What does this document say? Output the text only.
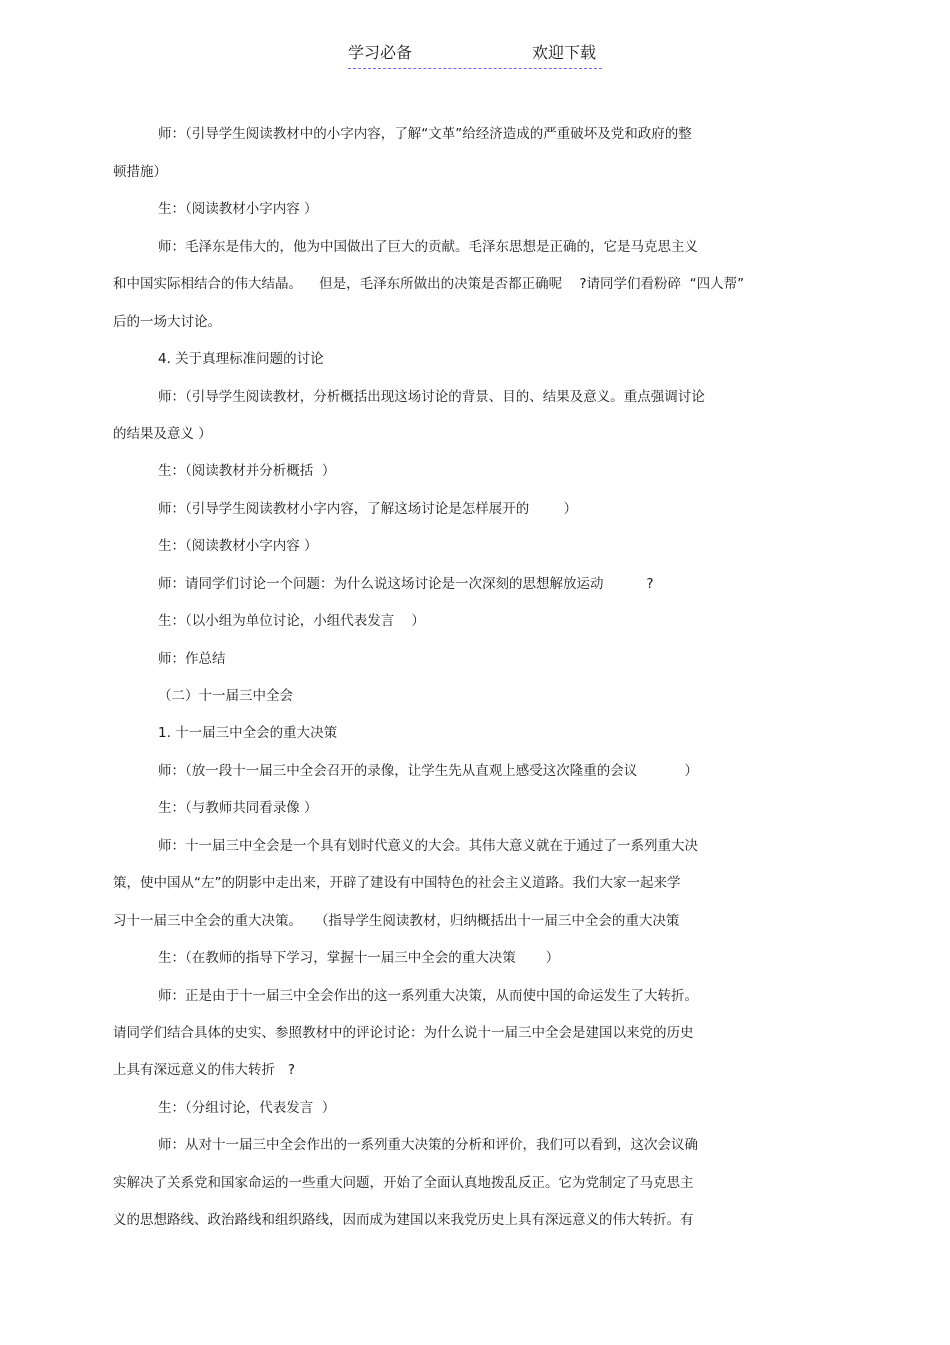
学习必备	欢迎下载
师：（引导学生阅读教材中的小字内容，了解“文革”给经济造成的严重破坏及党和政府的整
顿措施）
生：（阅读教材小字内容 ）
师：毛泽东是伟大的，他为中国做出了巨大的贡献。毛泽东思想是正确的，它是马克思主义
和中国实际相结合的伟大结晶。    但是，毛泽东所做出的决策是否都正确呢    ?请同学们看粉碎  “四人帮”
后的一场大讨论。
4. 关于真理标准问题的讨论
师：（引导学生阅读教材，分析概括出现这场讨论的背景、目的、结果及意义。重点强调讨论
的结果及意义 ）
生：（阅读教材并分析概括  ）
师：（引导学生阅读教材小字内容，了解这场讨论是怎样展开的        ）
生：（阅读教材小字内容 ）
师：请同学们讨论一个问题：为什么说这场讨论是一次深刻的思想解放运动          ?
生：（以小组为单位讨论，小组代表发言    ）
师：作总结
（二）十一届三中全会
1. 十一届三中全会的重大决策
师：（放一段十一届三中全会召开的录像，让学生先从直观上感受这次隆重的会议           ）
生：（与教师共同看录像 ）
师：十一届三中全会是一个具有划时代意义的大会。其伟大意义就在于通过了一系列重大决
策，使中国从“左”的阴影中走出来，开辟了建设有中国特色的社会主义道路。我们大家一起来学
习十一届三中全会的重大决策。   （指导学生阅读教材，归纳概括出十一届三中全会的重大决策
生：（在教师的指导下学习，掌握十一届三中全会的重大决策       ）
师：正是由于十一届三中全会作出的这一系列重大决策，从而使中国的命运发生了大转折。
请同学们结合具体的史实、参照教材中的评论讨论：为什么说十一届三中全会是建国以来党的历史
上具有深远意义的伟大转折   ?
生：（分组讨论，代表发言  ）
师：从对十一届三中全会作出的一系列重大决策的分析和评价，我们可以看到，这次会议确
实解决了关系党和国家命运的一些重大问题，开始了全面认真地拨乱反正。它为党制定了马克思主
义的思想路线、政治路线和组织路线，因而成为建国以来我党历史上具有深远意义的伟大转折。有
